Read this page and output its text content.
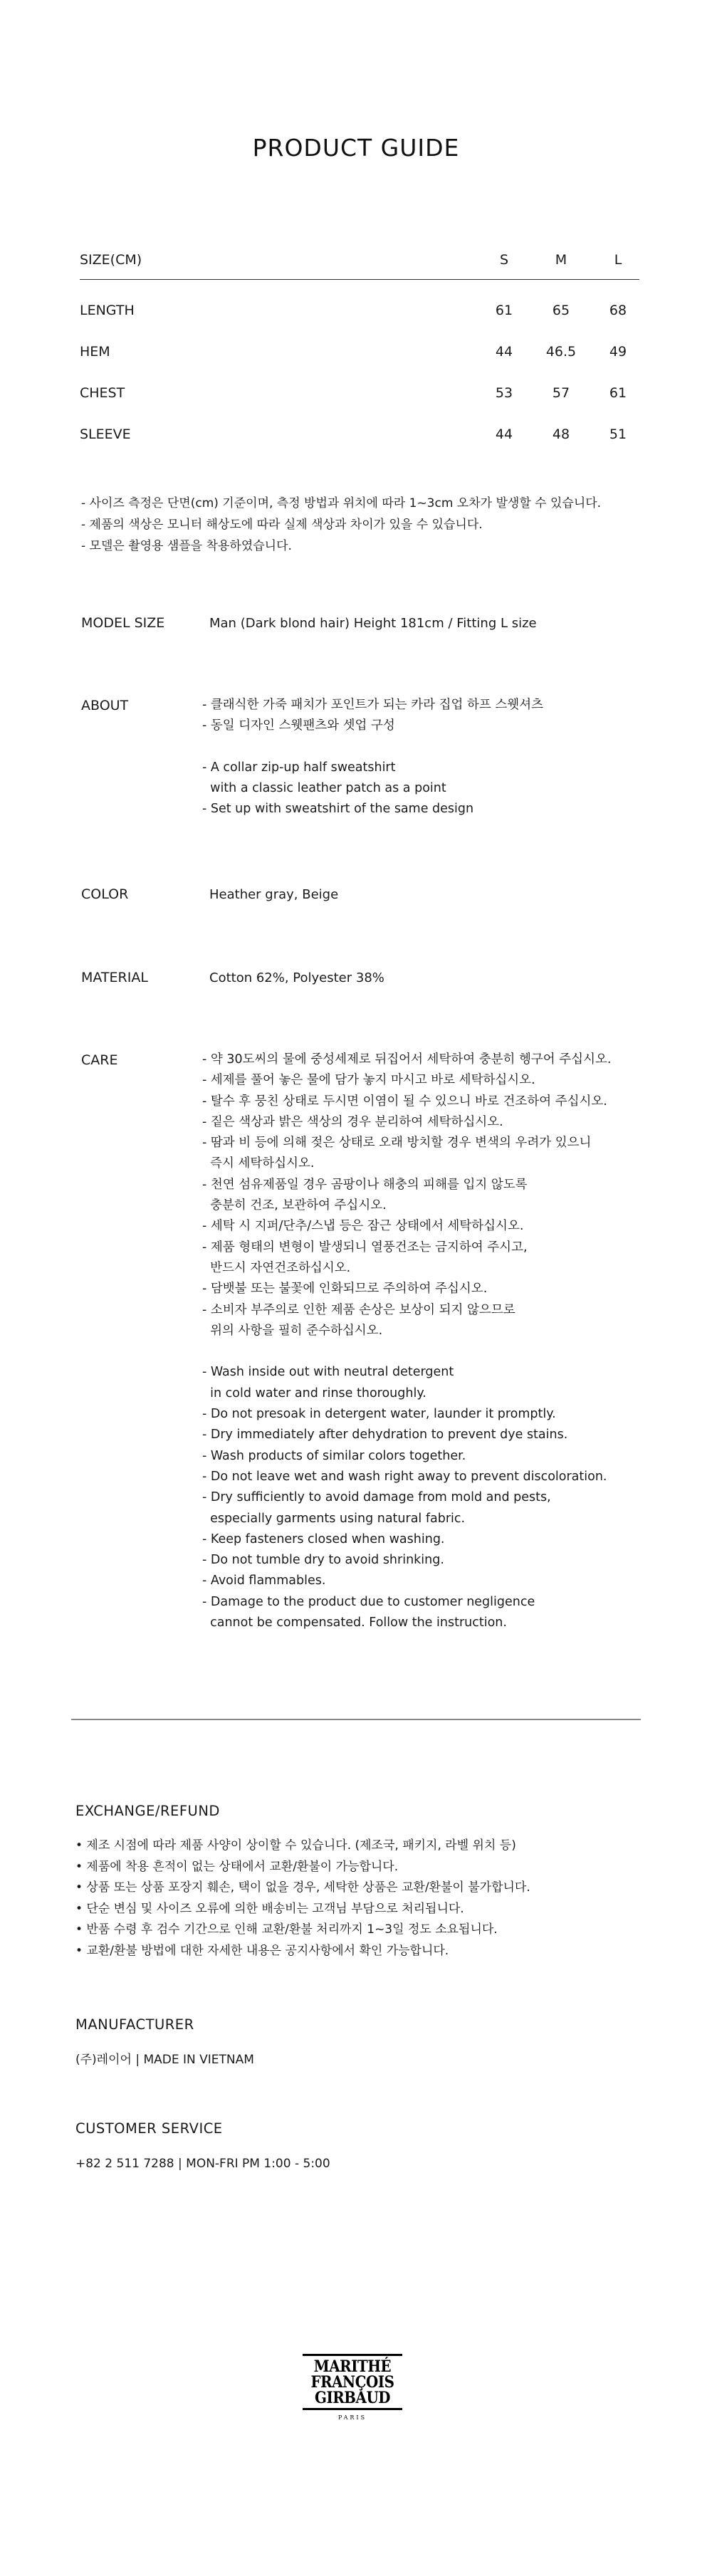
PRODUCT GUIDE
SIZE(CM)	S	M	L
LENGTH	61	65	68
HEM	44	46.5	49
CHEST	53	57	61
SLEEVE	44	48	51
- 사이즈 측정은 단면(cm) 기준이며, 측정 방법과 위치에 따라 1~3cm 오차가 발생할 수 있습니다.
- 제품의 색상은 모니터 해상도에 따라 실제 색상과 차이가 있을 수 있습니다.
- 모델은 촬영용 샘플을 착용하였습니다.
MODEL SIZE	Man (Dark blond hair) Height 181cm / Fitting L size
ABOUT	- 클래식한 가죽 패치가 포인트가 되는 카라 집업 하프 스웻셔츠
- 동일 디자인 스웻팬츠와 셋업 구성

- A collar zip-up half sweatshirt
with a classic leather patch as a point
- Set up with sweatshirt of the same design
COLOR	Heather gray, Beige
MATERIAL	Cotton 62%, Polyester 38%
CARE	- 약 30도씨의 물에 중성세제로 뒤집어서 세탁하여 충분히 헹구어 주십시오.
- 세제를 풀어 놓은 물에 담가 놓지 마시고 바로 세탁하십시오.
- 탈수 후 뭉친 상태로 두시면 이염이 될 수 있으니 바로 건조하여 주십시오.
- 짙은 색상과 밝은 색상의 경우 분리하여 세탁하십시오.
- 땀과 비 등에 의해 젖은 상태로 오래 방치할 경우 변색의 우려가 있으니
즉시 세탁하십시오.
- 천연 섬유제품일 경우 곰팡이나 해충의 피해를 입지 않도록
충분히 건조, 보관하여 주십시오.
- 세탁 시 지퍼/단추/스냅 등은 잠근 상태에서 세탁하십시오.
- 제품 형태의 변형이 발생되니 열풍건조는 금지하여 주시고,
반드시 자연건조하십시오.
- 담뱃불 또는 불꽃에 인화되므로 주의하여 주십시오.
- 소비자 부주의로 인한 제품 손상은 보상이 되지 않으므로
위의 사항을 필히 준수하십시오.

- Wash inside out with neutral detergent
in cold water and rinse thoroughly.
- Do not presoak in detergent water, launder it promptly.
- Dry immediately after dehydration to prevent dye stains.
- Wash products of similar colors together.
- Do not leave wet and wash right away to prevent discoloration.
- Dry sufficiently to avoid damage from mold and pests,
especially garments using natural fabric.
- Keep fasteners closed when washing.
- Do not tumble dry to avoid shrinking.
- Avoid flammables.
- Damage to the product due to customer negligence
cannot be compensated. Follow the instruction.
EXCHANGE/REFUND
• 제조 시점에 따라 제품 사양이 상이할 수 있습니다. (제조국, 패키지, 라벨 위치 등)
• 제품에 착용 흔적이 없는 상태에서 교환/환불이 가능합니다.
• 상품 또는 상품 포장지 훼손, 택이 없을 경우, 세탁한 상품은 교환/환불이 불가합니다.
• 단순 변심 및 사이즈 오류에 의한 배송비는 고객님 부담으로 처리됩니다.
• 반품 수령 후 검수 기간으로 인해 교환/환불 처리까지 1~3일 정도 소요됩니다.
• 교환/환불 방법에 대한 자세한 내용은 공지사항에서 확인 가능합니다.
MANUFACTURER
(주)레이어 | MADE IN VIETNAM
CUSTOMER SERVICE
+82 2 511 7288 | MON-FRI PM 1:00 - 5:00
MARITHÉ
FRANÇOIS
GIRBAUD
PARIS
